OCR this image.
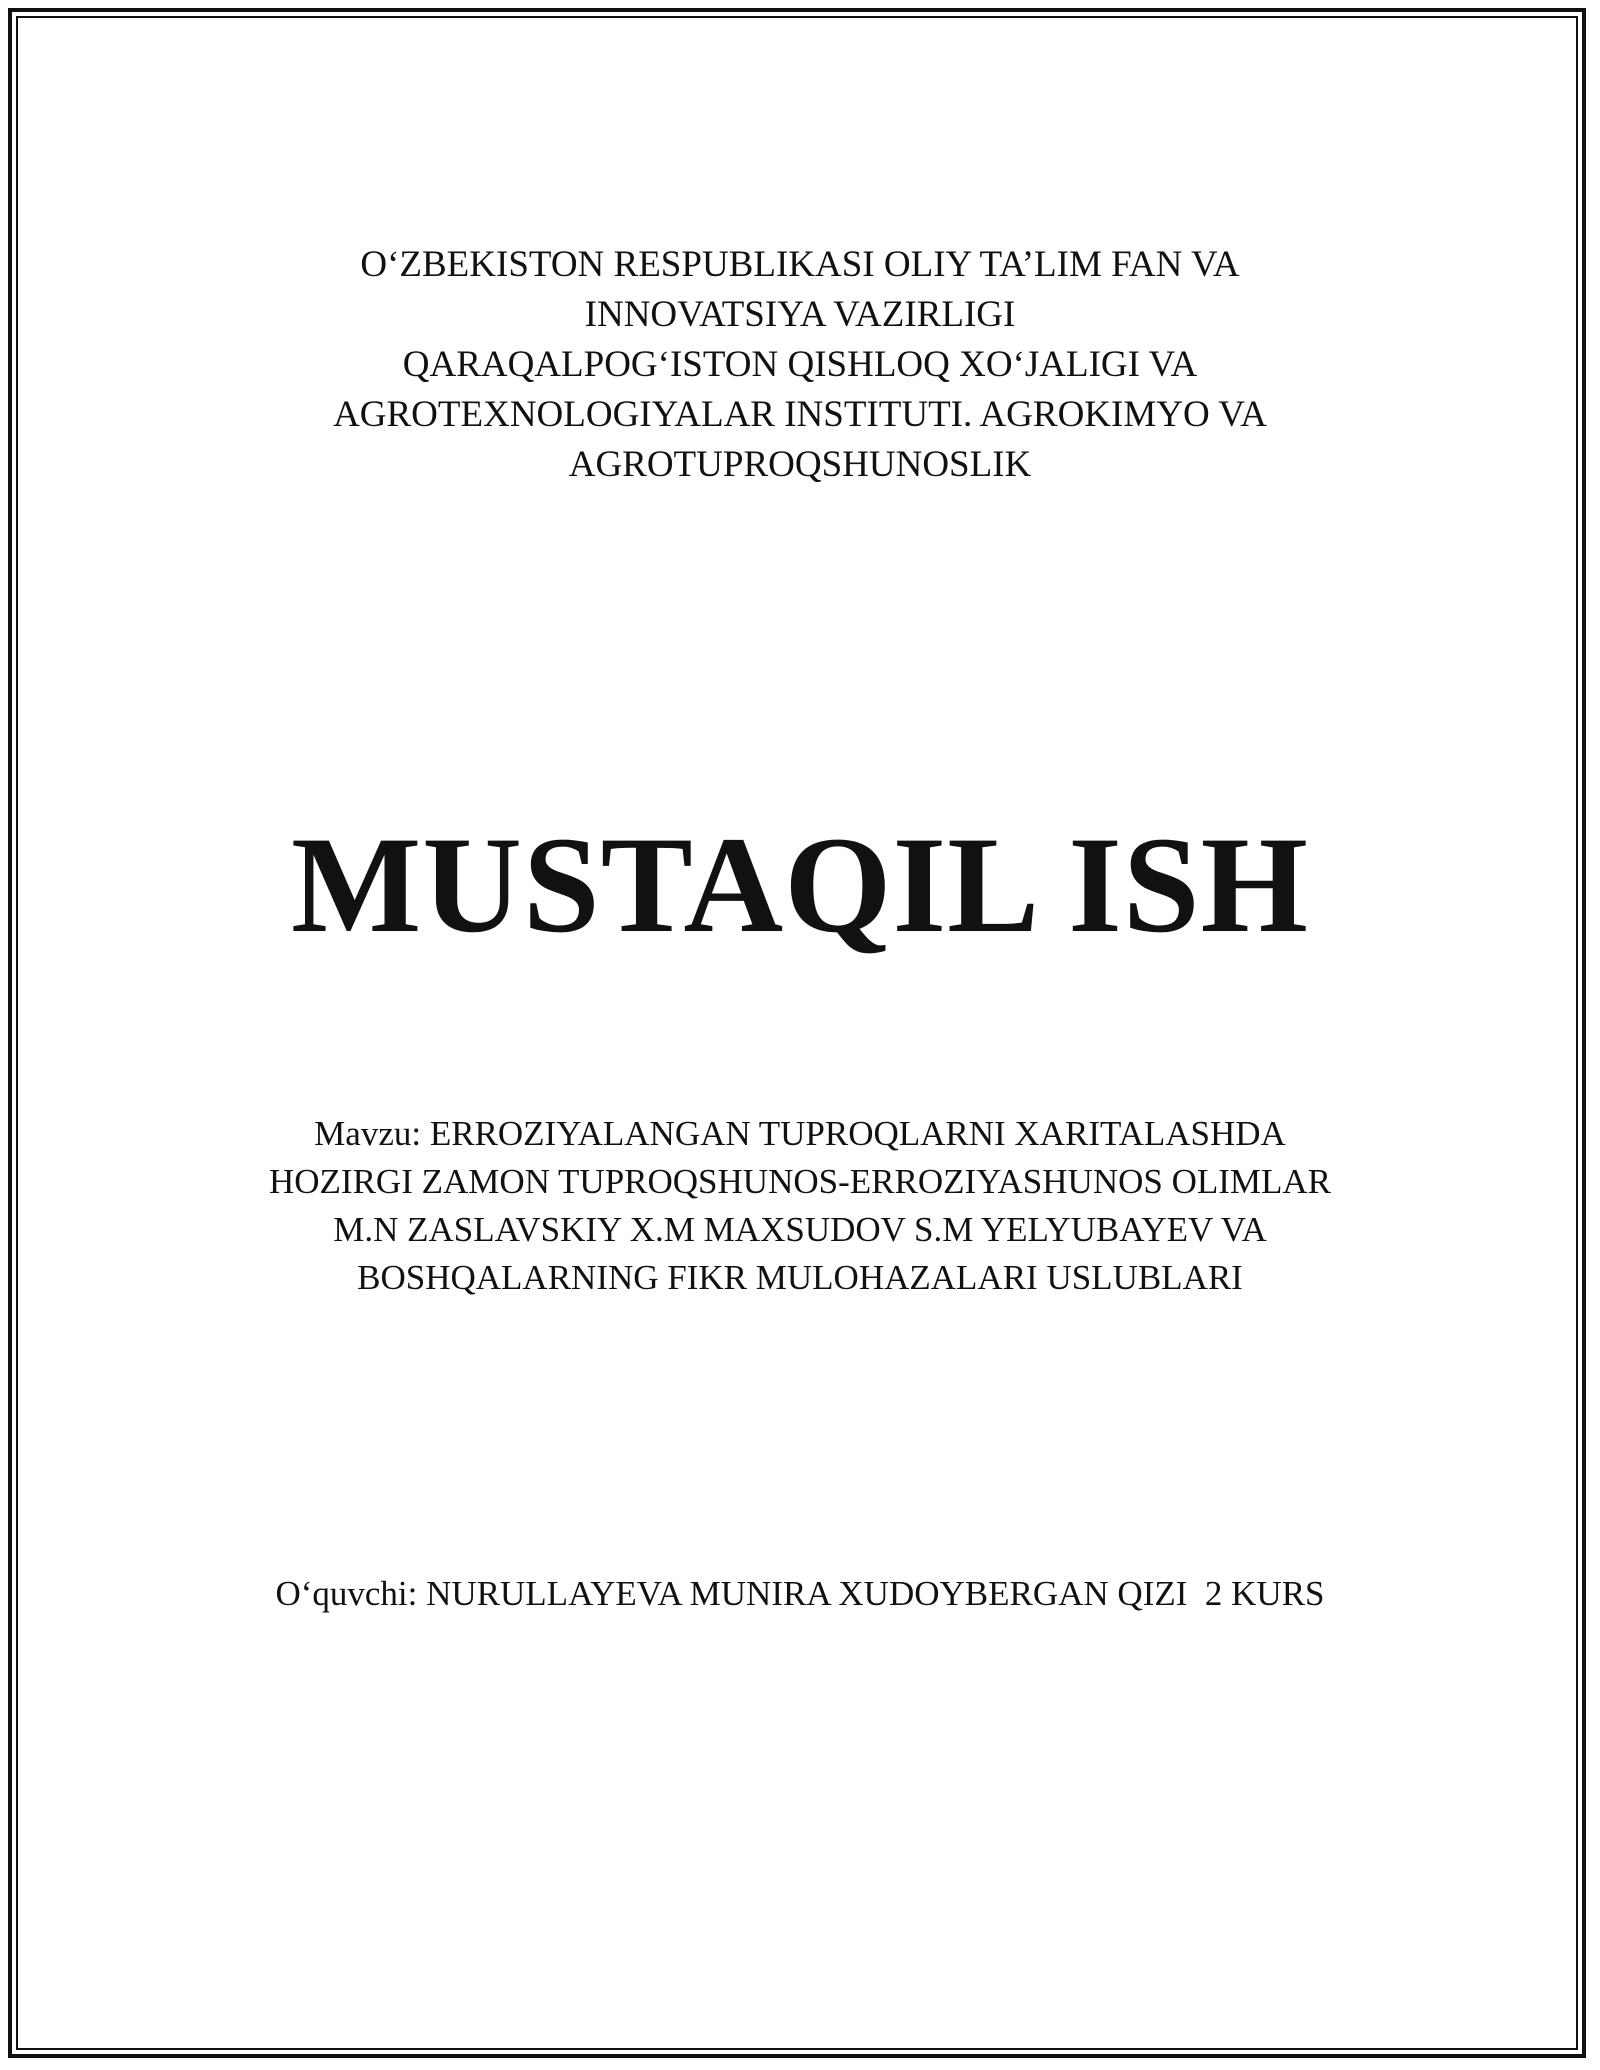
O‘ZBEKISTON RESPUBLIKASI OLIY TA’LIM FAN VA
INNOVATSIYA VAZIRLIGI
QARAQALPOG‘ISTON QISHLOQ XO‘JALIGI VA
AGROTEXNOLOGIYALAR INSTITUTI. AGROKIMYO VA
AGROTUPROQSHUNOSLIK
MUSTAQIL ISH
Mavzu: ERROZIYALANGAN TUPROQLARNI XARITALASHDA
HOZIRGI ZAMON TUPROQSHUNOS-ERROZIYASHUNOS OLIMLAR
M.N ZASLAVSKIY X.M MAXSUDOV S.M YELYUBAYEV VA
BOSHQALARNING FIKR MULOHAZALARI USLUBLARI
O‘quvchi: NURULLAYEVA MUNIRA XUDOYBERGAN QIZI  2 KURS
